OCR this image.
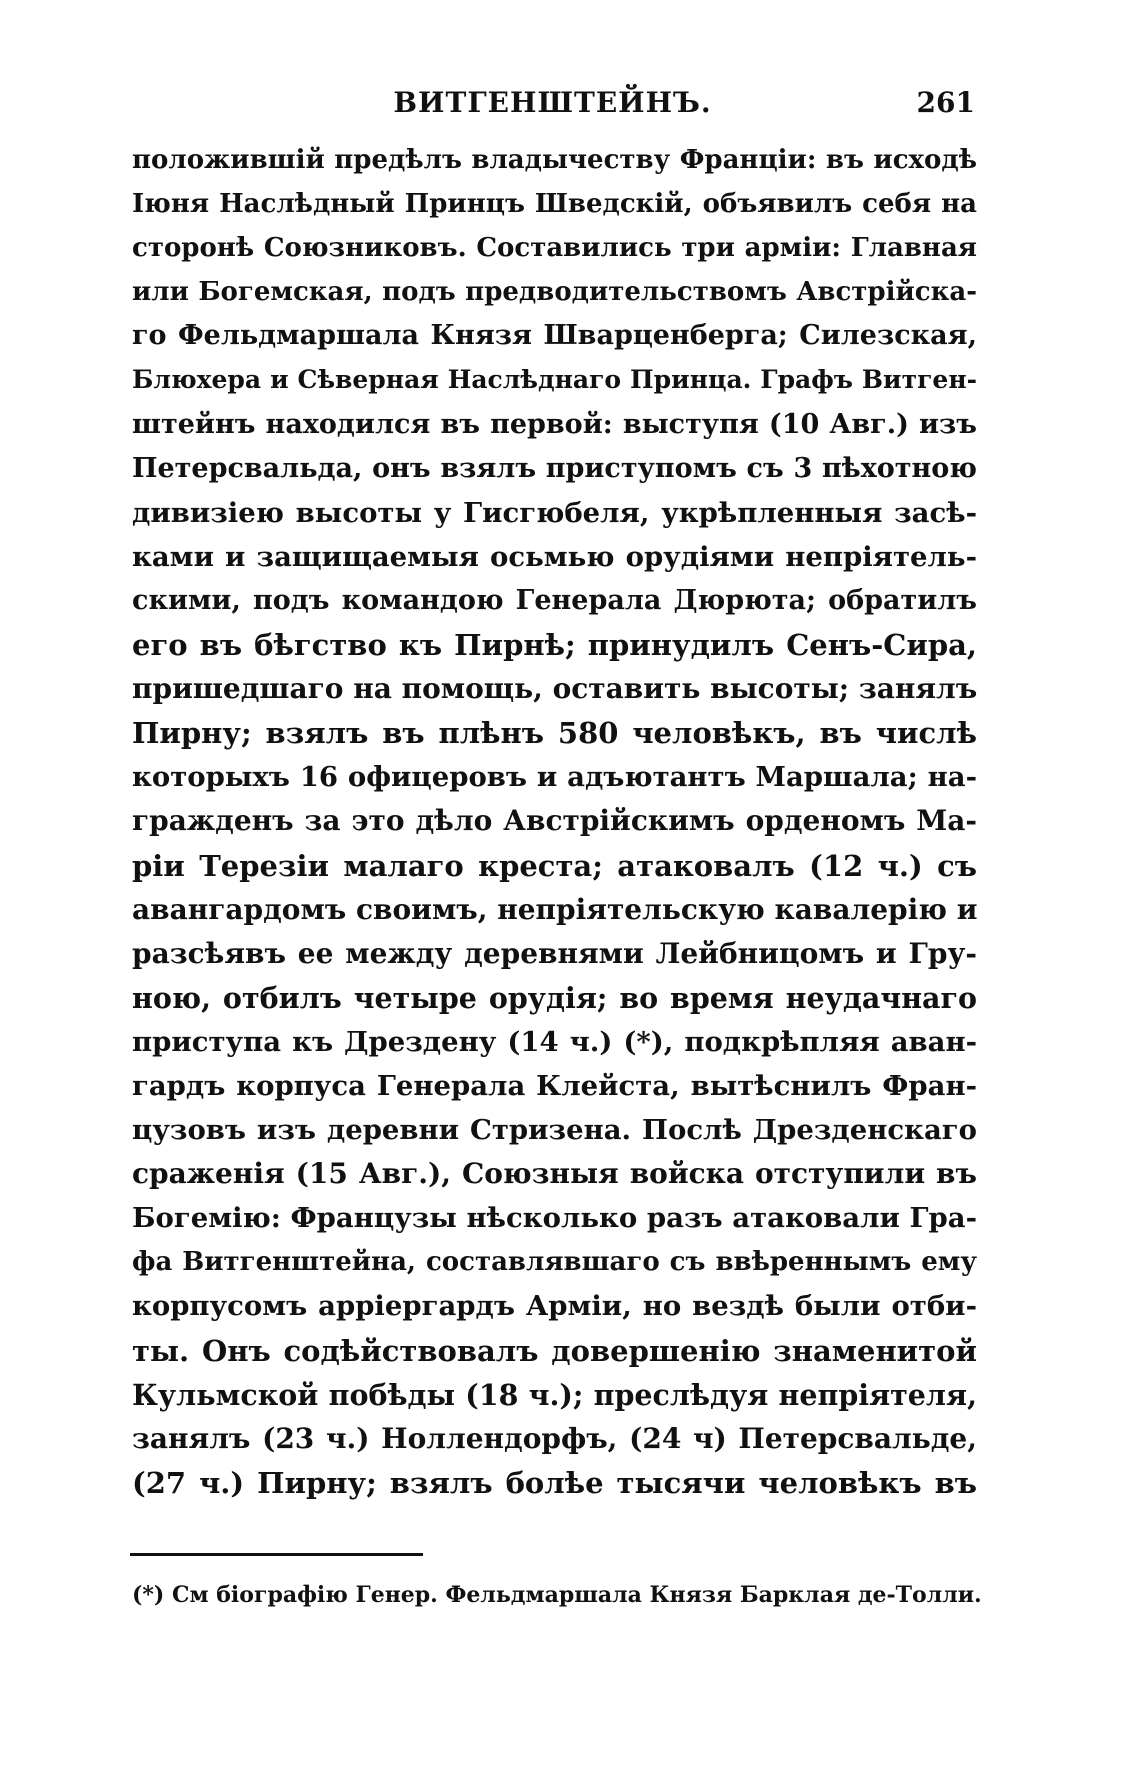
ВИТГЕНШТЕЙНЪ.	261
положившій предѣлъ владычеству Франціи: въ исходѣ
Іюня Наслѣдный Принцъ Шведскій, объявилъ себя на
сторонѣ Союзниковъ. Составились три арміи: Главная
или Богемская, подъ предводительствомъ Австрійска-
го Фельдмаршала Князя Шварценберга; Силезская,
Блюхера и Сѣверная Наслѣднаго Принца. Графъ Витген-
штейнъ находился въ первой: выступя (10 Авг.) изъ
Петерсвальда, онъ взялъ приступомъ съ 3 пѣхотною
дивизіею высоты у Гисгюбеля, укрѣпленныя засѣ-
ками и защищаемыя осьмью орудіями непріятель-
скими, подъ командою Генерала Дюрюта; обратилъ
его въ бѣгство къ Пирнѣ; принудилъ Сенъ-Сира,
пришедшаго на помощь, оставить высоты; занялъ
Пирну; взялъ въ плѣнъ 580 человѣкъ, въ числѣ
которыхъ 16 офицеровъ и адъютантъ Маршала; на-
гражденъ за это дѣло Австрійскимъ орденомъ Ма-
ріи Терезіи малаго креста; атаковалъ (12 ч.) съ
авангардомъ своимъ, непріятельскую кавалерію и
разсѣявъ ее между деревнями Лейбницомъ и Гру-
ною, отбилъ четыре орудія; во время неудачнаго
приступа къ Дрездену (14 ч.) (*), подкрѣпляя аван-
гардъ корпуса Генерала Клейста, вытѣснилъ Фран-
цузовъ изъ деревни Стризена. Послѣ Дрезденскаго
сраженія (15 Авг.), Союзныя войска отступили въ
Богемію: Французы нѣсколько разъ атаковали Гра-
фа Витгенштейна, составлявшаго съ ввѣреннымъ ему
корпусомъ арріергардъ Арміи, но вездѣ были отби-
ты. Онъ содѣйствовалъ довершенію знаменитой
Кульмской побѣды (18 ч.); преслѣдуя непріятеля,
занялъ (23 ч.) Ноллендорфъ, (24 ч) Петерсвальде,
(27 ч.) Пирну; взялъ болѣе тысячи человѣкъ въ
(*) См біографію Генер. Фельдмаршала Князя Барклая де-Толли.
